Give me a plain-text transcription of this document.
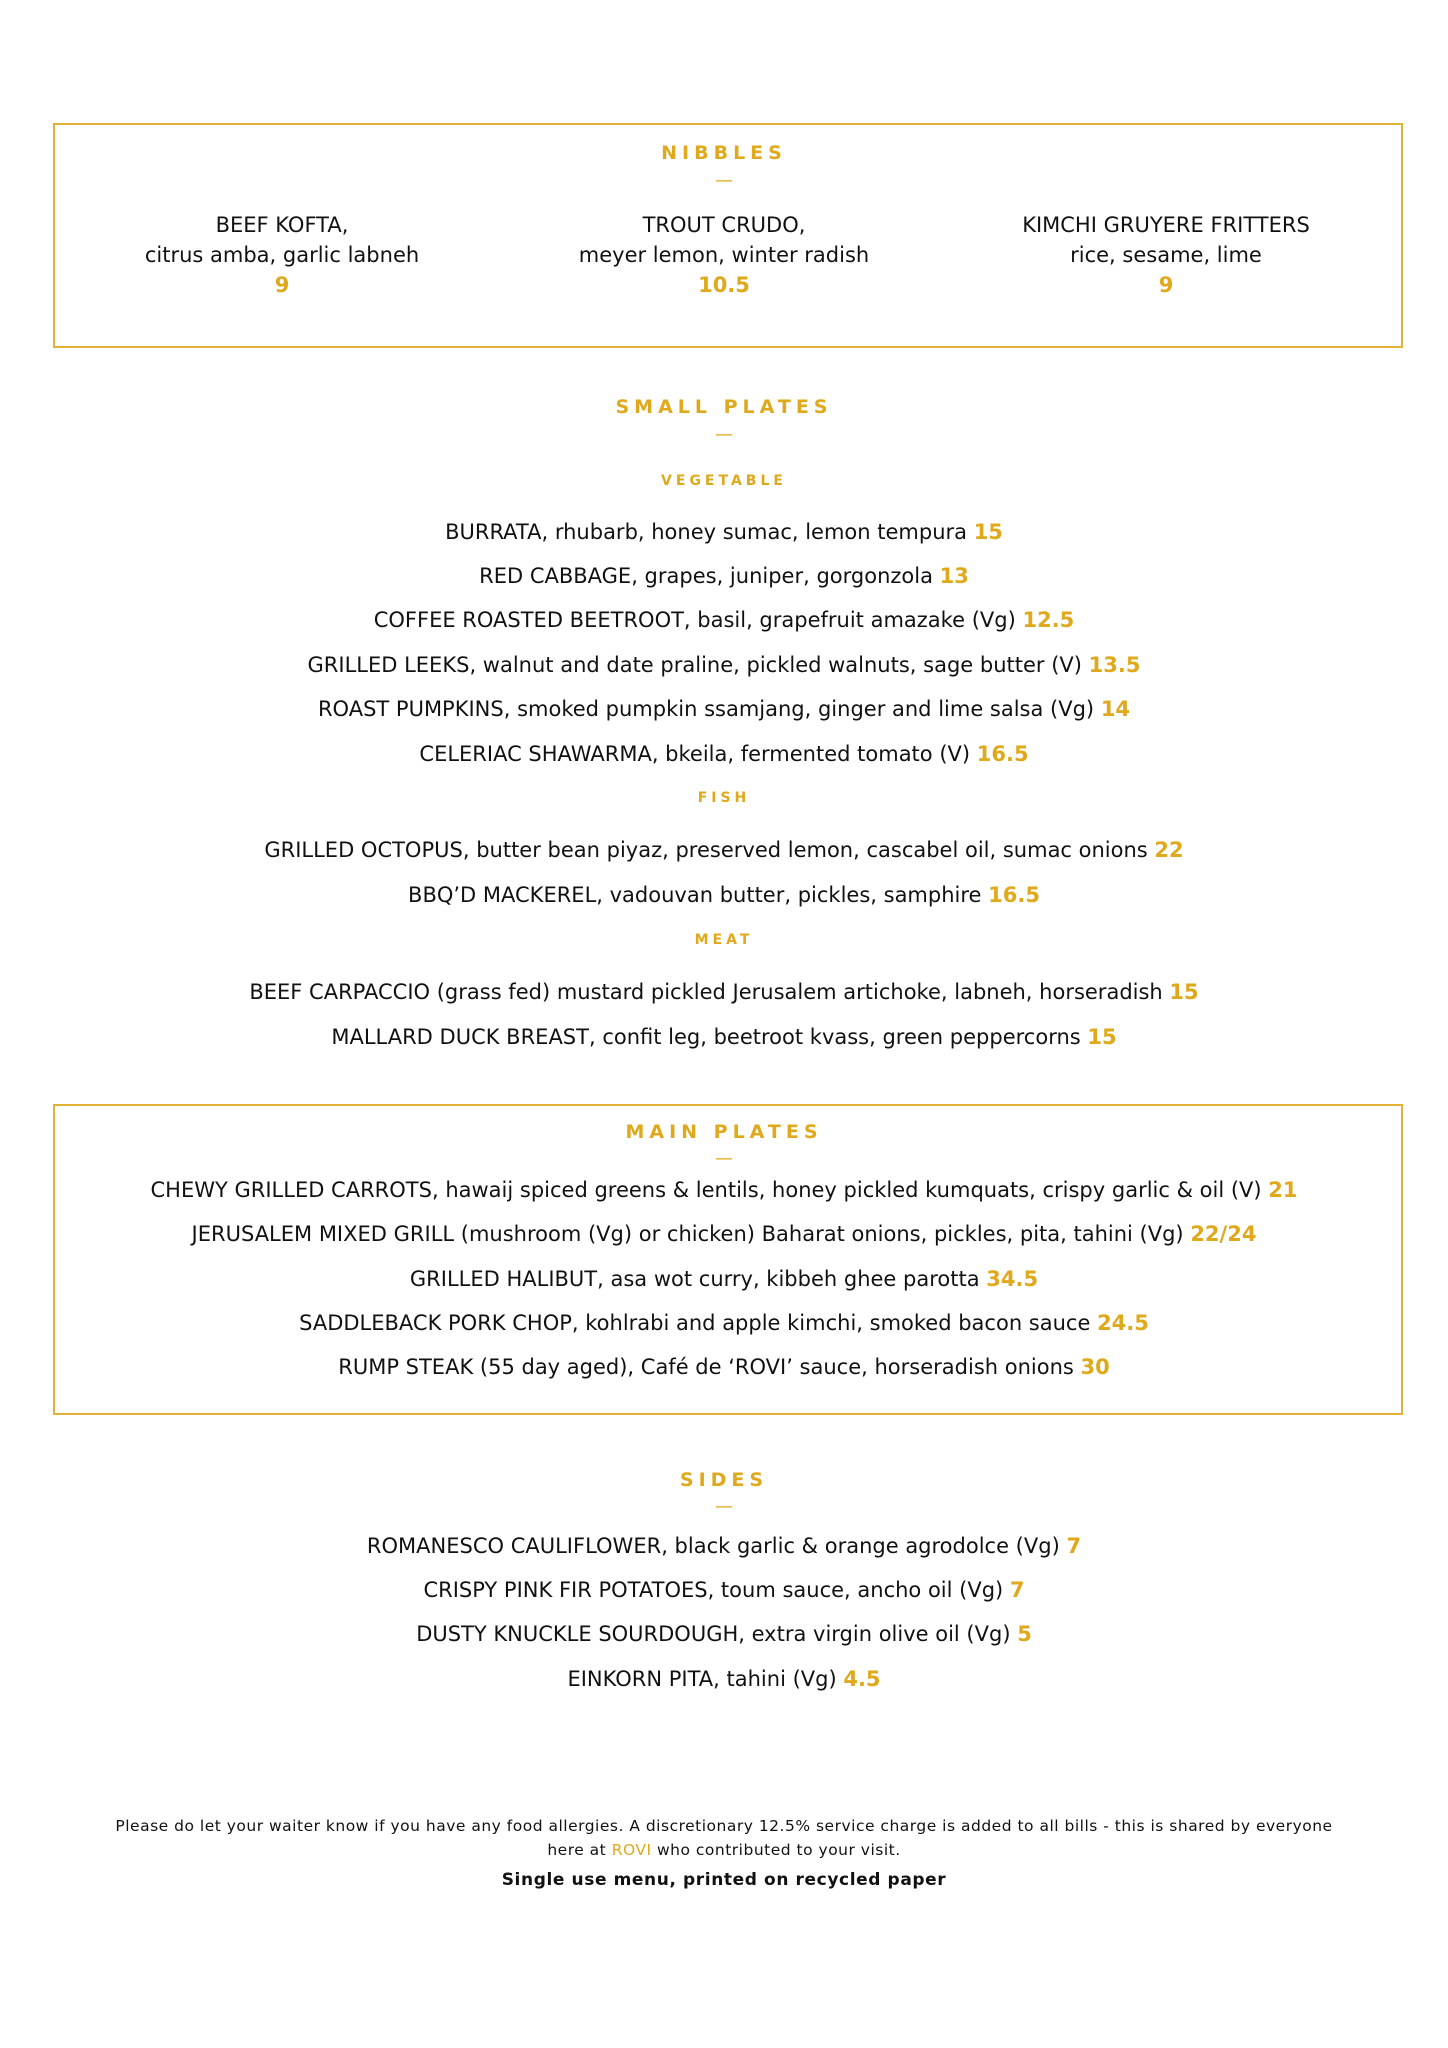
NIBBLES
—
BEEF KOFTA,
citrus amba, garlic labneh
9
TROUT CRUDO,
meyer lemon, winter radish
10.5
KIMCHI GRUYERE FRITTERS
rice, sesame, lime
9
SMALL PLATES
—
VEGETABLE
BURRATA, rhubarb, honey sumac, lemon tempura 15
RED CABBAGE, grapes, juniper, gorgonzola 13
COFFEE ROASTED BEETROOT, basil, grapefruit amazake (Vg) 12.5
GRILLED LEEKS, walnut and date praline, pickled walnuts, sage butter (V) 13.5
ROAST PUMPKINS, smoked pumpkin ssamjang, ginger and lime salsa (Vg) 14
CELERIAC SHAWARMA, bkeila, fermented tomato (V) 16.5
FISH
GRILLED OCTOPUS, butter bean piyaz, preserved lemon, cascabel oil, sumac onions 22
BBQ’D MACKEREL, vadouvan butter, pickles, samphire 16.5
MEAT
BEEF CARPACCIO (grass fed) mustard pickled Jerusalem artichoke, labneh, horseradish 15
MALLARD DUCK BREAST, confit leg, beetroot kvass, green peppercorns 15
MAIN PLATES
—
CHEWY GRILLED CARROTS, hawaij spiced greens & lentils, honey pickled kumquats, crispy garlic & oil (V) 21
JERUSALEM MIXED GRILL (mushroom (Vg) or chicken) Baharat onions, pickles, pita, tahini (Vg) 22/24
GRILLED HALIBUT, asa wot curry, kibbeh ghee parotta 34.5
SADDLEBACK PORK CHOP, kohlrabi and apple kimchi, smoked bacon sauce 24.5
RUMP STEAK (55 day aged), Café de ‘ROVI’ sauce, horseradish onions 30
SIDES
—
ROMANESCO CAULIFLOWER, black garlic & orange agrodolce (Vg) 7
CRISPY PINK FIR POTATOES, toum sauce, ancho oil (Vg) 7
DUSTY KNUCKLE SOURDOUGH, extra virgin olive oil (Vg) 5
EINKORN PITA, tahini (Vg) 4.5
Please do let your waiter know if you have any food allergies. A discretionary 12.5% service charge is added to all bills - this is shared by everyone
here at ROVI who contributed to your visit.
Single use menu, printed on recycled paper
